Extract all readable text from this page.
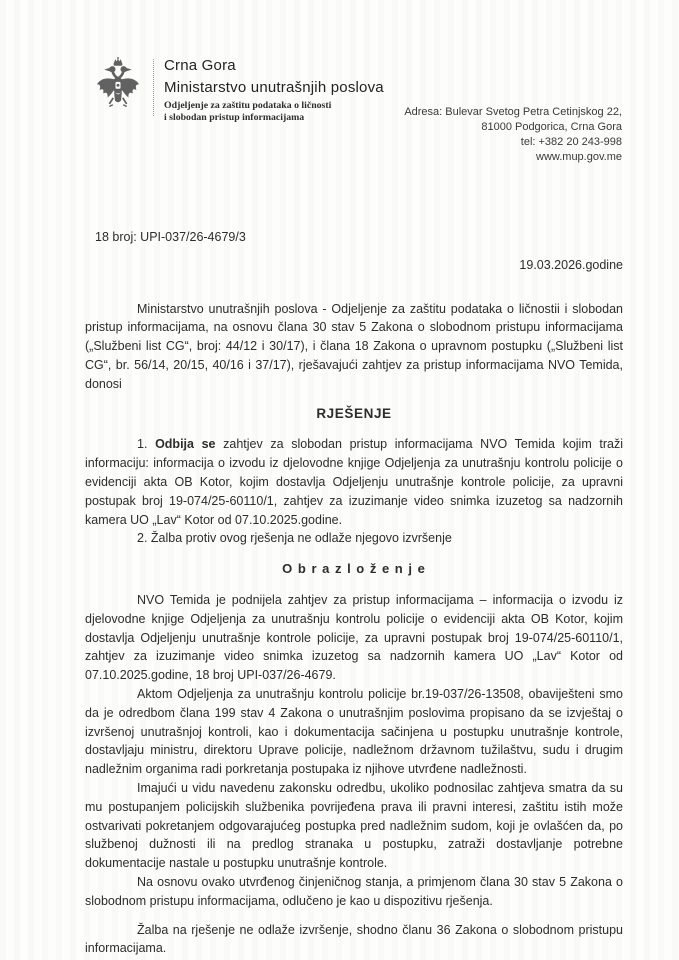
Crna Gora
Ministarstvo unutrašnjih poslova
Odjeljenje za zaštitu podataka o ličnosti
i slobodan pristup informacijama	Adresa: Bulevar Svetog Petra Cetinjskog 22,
81000 Podgorica, Crna Gora
tel: +382 20 243-998
www.mup.gov.me
18 broj: UPI-037/26-4679/3
19.03.2026.godine

Ministarstvo unutrašnjih poslova - Odjeljenje za zaštitu podataka o ličnostii i slobodan pristup informacijama, na osnovu člana 30 stav 5 Zakona o slobodnom pristupu informacijama („Službeni list CG“, broj: 44/12 i 30/17), i člana 18 Zakona o upravnom postupku („Službeni list CG“, br. 56/14, 20/15, 40/16 i 37/17), rješavajući zahtjev za pristup informacijama NVO Temida, donosi

RJEŠENJE

1. Odbija se zahtjev za slobodan pristup informacijama NVO Temida kojim traži informaciju: informacija o izvodu iz djelovodne knjige Odjeljenja za unutrašnju kontrolu policije o evidenciji akta OB Kotor, kojim dostavlja Odjeljenju unutrašnje kontrole policije, za upravni postupak broj 19-074/25-60110/1, zahtjev za izuzimanje video snimka izuzetog sa nadzornih kamera UO „Lav“ Kotor od 07.10.2025.godine.

2. Žalba protiv ovog rješenja ne odlaže njegovo izvršenje

O b r a z l o ž e n j e

NVO Temida je podnijela zahtjev za pristup informacijama – informacija o izvodu iz djelovodne knjige Odjeljenja za unutrašnju kontrolu policije o evidenciji akta OB Kotor, kojim dostavlja Odjeljenju unutrašnje kontrole policije, za upravni postupak broj 19-074/25-60110/1, zahtjev za izuzimanje video snimka izuzetog sa nadzornih kamera UO „Lav“ Kotor od 07.10.2025.godine, 18 broj UPI-037/26-4679.

Aktom Odjeljenja za unutrašnju kontrolu policije br.19-037/26-13508, obaviješteni smo da je odredbom člana 199 stav 4 Zakona o unutrašnjim poslovima propisano da se izvještaj o izvršenoj unutrašnjoj kontroli, kao i dokumentacija sačinjena u postupku unutrašnje kontrole, dostavljaju ministru, direktoru Uprave policije, nadležnom državnom tužilaštvu, sudu i drugim nadležnim organima radi porkretanja postupaka iz njihove utvrđene nadležnosti.

Imajući u vidu navedenu zakonsku odredbu, ukoliko podnosilac zahtjeva smatra da su mu postupanjem policijskih službenika povrijeđena prava ili pravni interesi, zaštitu istih može ostvarivati pokretanjem odgovarajućeg postupka pred nadležnim sudom, koji je ovlašćen da, po službenoj dužnosti ili na predlog stranaka u postupku, zatraži dostavljanje potrebne dokumentacije nastale u postupku unutrašnje kontrole.

Na osnovu ovako utvrđenog činjeničnog stanja, a primjenom člana 30 stav 5 Zakona o slobodnom pristupu informacijama, odlučeno je kao u dispozitivu rješenja.

Žalba na rješenje ne odlaže izvršenje, shodno članu 36 Zakona o slobodnom pristupu informacijama.
